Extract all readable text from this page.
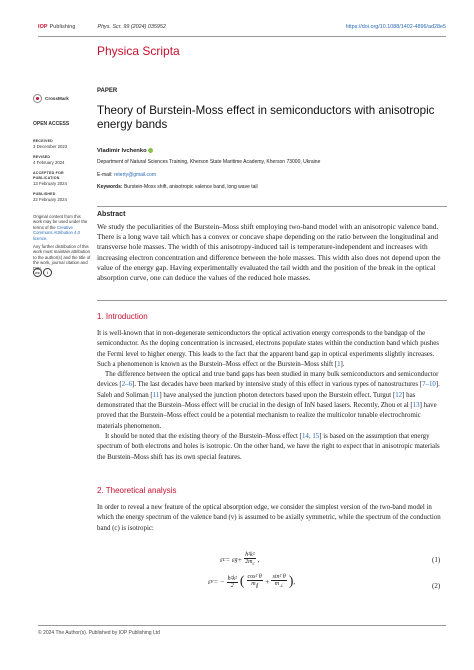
IOP Publishing	Phys. Scr. 99 (2024) 035952	https://doi.org/10.1088/1402-4896/ad28e5
Physica Scripta
CrossMark
OPEN ACCESS
RECEIVED
3 December 2023
REVISED
4 February 2024
ACCEPTED FOR PUBLICATION
13 February 2024
PUBLISHED
22 February 2024

Original content from this work may be used under the terms of the Creative Commons Attribution 4.0 licence.

Any further distribution of this work must maintain attribution to the author(s) and the title of the work, journal citation and DOI.

cc	i
PAPER
Theory of Burstein-Moss effect in semiconductors with anisotropic energy bands
Vladimir Ivchenko
Department of Natural Sciences Training, Kherson State Maritime Academy, Kherson 73000, Ukraine
E-mail: reterty@gmail.com
Keywords: Burstein-Moss shift, anisotropic valence band, long wave tail
Abstract
We study the peculiarities of the Burstein–Moss shift employing two-band model with an anisotropic valence band. There is a long wave tail which has a convex or concave shape depending on the ratio between the longitudinal and transverse hole masses. The width of this anisotropy-induced tail is temperature-independent and increases with increasing electron concentration and difference between the hole masses. This width also does not depend upon the value of the energy gap. Having experimentally evaluated the tail width and the position of the break in the optical absorption curve, one can deduce the values of the reduced hole masses.
1. Introduction

It is well-known that in non-degenerate semiconductors the optical activation energy corresponds to the bandgap of the semiconductor. As the doping concentration is increased, electrons populate states within the conduction band which pushes the Fermi level to higher energy. This leads to the fact that the apparent band gap in optical experiments slightly increases. Such a phenomenon is known as the Burstein–Moss effect or the Burstein–Moss shift [1].

The difference between the optical and true band gaps has been studied in many bulk semiconductors and semiconductor devices [2–6]. The last decades have been marked by intensive study of this effect in various types of nanostructures [7–10]. Saleh and Soliman [11] have analysed the junction photon detectors based upon the Burstein effect. Turgut [12] has demonstrated that the Burstein–Moss effect will be crucial in the design of InN based lasers. Recently, Zhou et al [13] have proved that the Burstein–Moss effect could be a potential mechanism to realize the multicolor tunable electrochromic materials phenomenon.

It should be noted that the existing theory of the Burstein–Moss effect [14, 15] is based on the assumption that energy spectrum of both electrons and holes is isotropic. On the other hand, we have the right to expect that in anisotropic materials the Burstein–Moss shift has its own special features.

2. Theoretical analysis
In order to reveal a new feature of the optical absorption edge, we consider the simplest version of the two-band model in which the energy spectrum of the valence band (v) is assumed to be axially symmetric, while the spectrum of the conduction band (c) is isotropic:
ε c = ε $g + \frac{\text{ħ²k²}}{2m_c}$ ,	(1)
ε v = − $\frac{\text{ħ²k²}}{2}$ ( $\frac{\text{cos² θ}}{m_\parallel} + \frac{\text{sin² θ}}{m_\perp}$ ) ,	(2)
© 2024 The Author(s). Published by IOP Publishing Ltd
